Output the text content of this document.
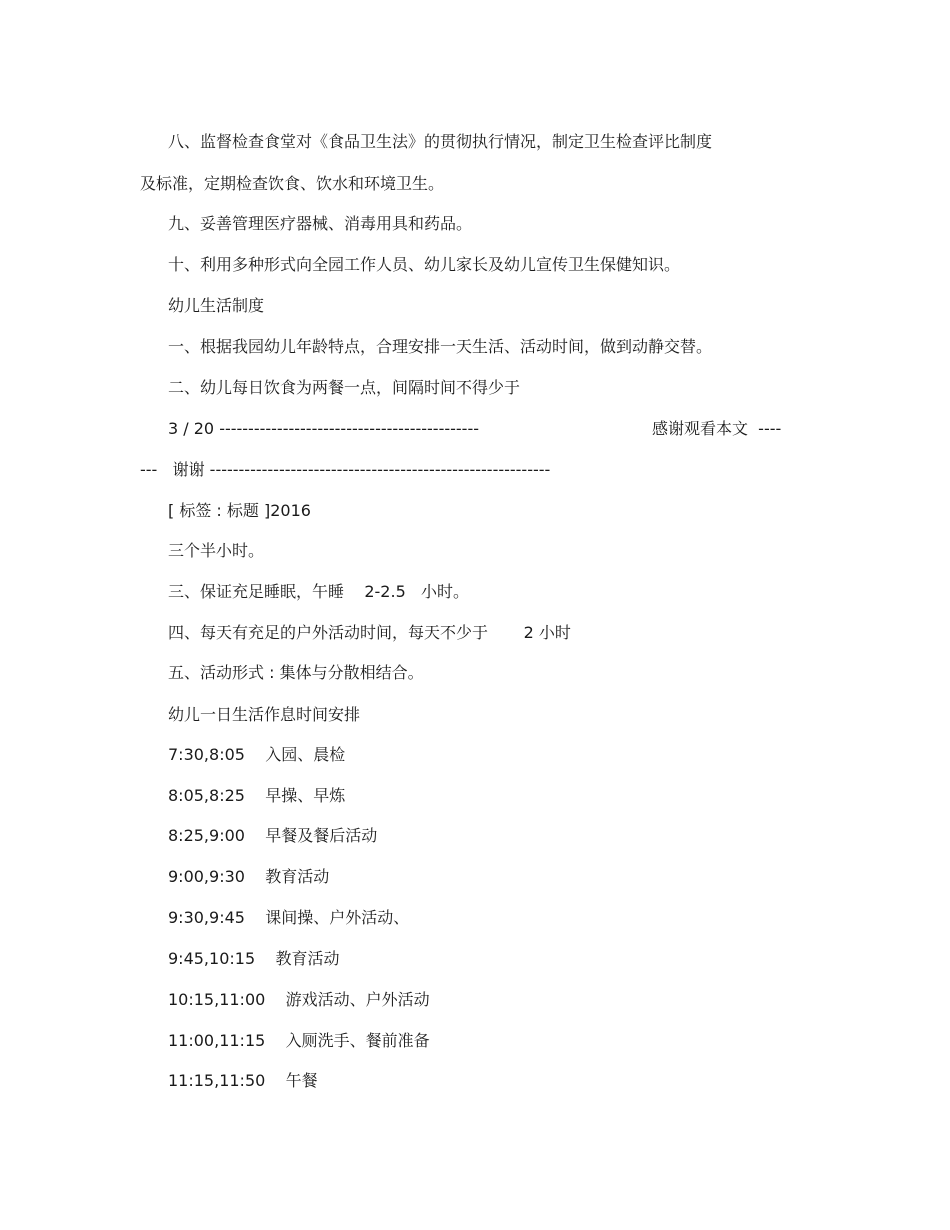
八、监督检查食堂对《食品卫生法》的贯彻执行情况，制定卫生检查评比制度

及标准，定期检查饮食、饮水和环境卫生。

九、妥善管理医疗器械、消毒用具和药品。

十、利用多种形式向全园工作人员、幼儿家长及幼儿宣传卫生保健知识。

幼儿生活制度

一、根据我园幼儿年龄特点，合理安排一天生活、活动时间，做到动静交替。

二、幼儿每日饮食为两餐一点，间隔时间不得少于

3 / 20 ---------------------------------------------	感谢观看本文  ----

---   谢谢 -----------------------------------------------------------

[ 标签 : 标题 ]2016

三个半小时。

三、保证充足睡眠，午睡    2-2.5   小时。

四、每天有充足的户外活动时间，每天不少于       2 小时

五、活动形式 : 集体与分散相结合。

幼儿一日生活作息时间安排

7:30,8:05    入园、晨检

8:05,8:25    早操、早炼

8:25,9:00    早餐及餐后活动

9:00,9:30    教育活动

9:30,9:45    课间操、户外活动、

9:45,10:15    教育活动

10:15,11:00    游戏活动、户外活动

11:00,11:15    入厕洗手、餐前准备

11:15,11:50    午餐
